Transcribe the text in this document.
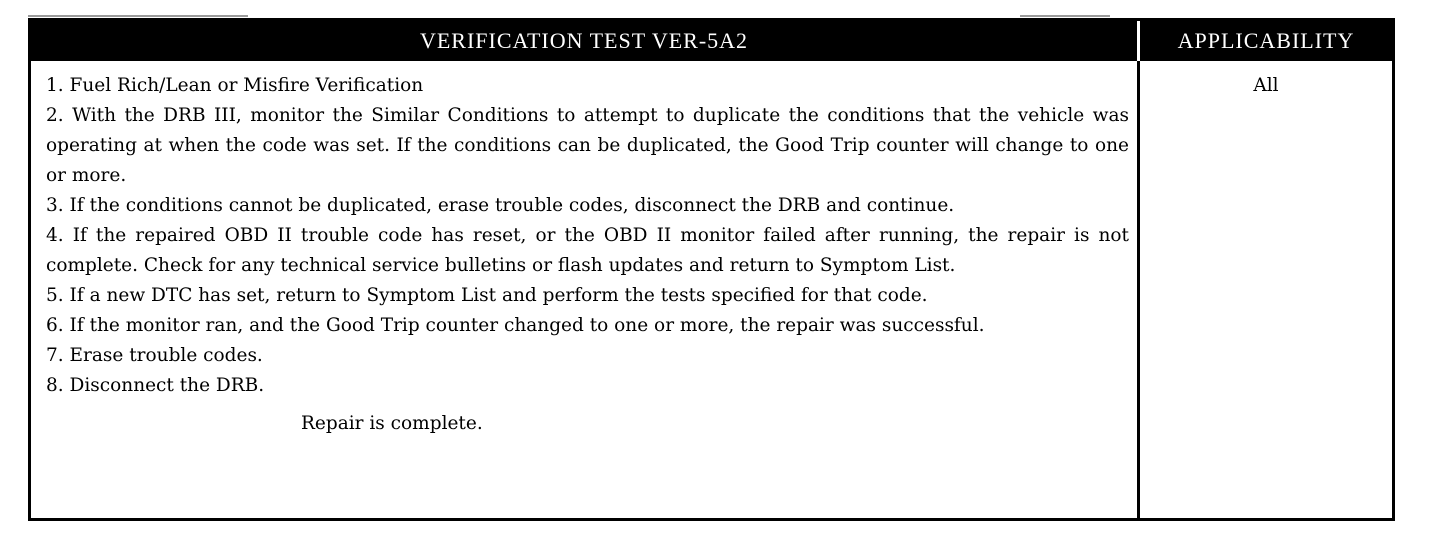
VERIFICATION TEST VER-5A2	APPLICABILITY

1. Fuel Rich/Lean or Misfire Verification

2. With the DRB III, monitor the Similar Conditions to attempt to duplicate the conditions that the vehicle was operating at when the code was set. If the conditions can be duplicated, the Good Trip counter will change to one or more.

3. If the conditions cannot be duplicated, erase trouble codes, disconnect the DRB and continue.

4. If the repaired OBD II trouble code has reset, or the OBD II monitor failed after running, the repair is not complete. Check for any technical service bulletins or flash updates and return to Symptom List.

5. If a new DTC has set, return to Symptom List and perform the tests specified for that code.

6. If the monitor ran, and the Good Trip counter changed to one or more, the repair was successful.

7. Erase trouble codes.

8. Disconnect the DRB.

Repair is complete.
All
